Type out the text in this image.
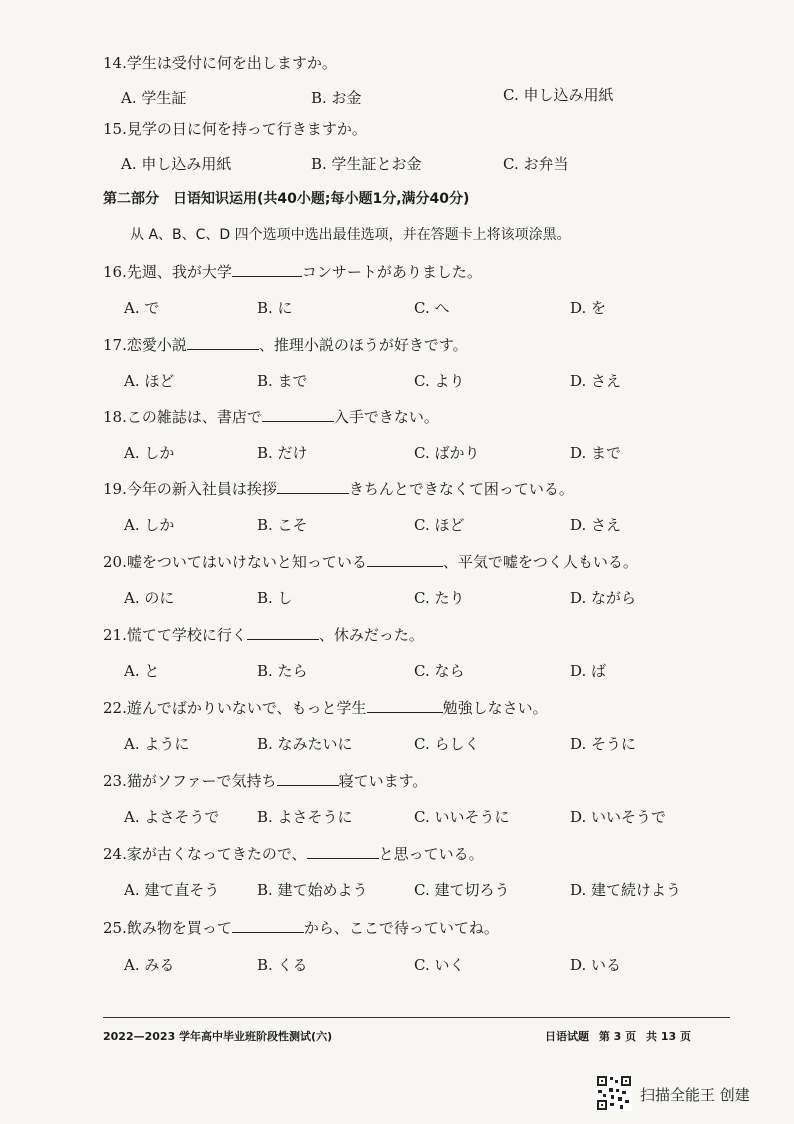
14.学生は受付に何を出しますか。
A. 学生証	B. お金	C. 申し込み用紙
15.見学の日に何を持って行きますか。
A. 申し込み用紙	B. 学生証とお金	C. お弁当
第二部分　日语知识运用(共40小题;每小题1分,满分40分)
从 A、B、C、D 四个选项中选出最佳选项，并在答题卡上将该项涂黑。
16.先週、我が大学	コンサートがありました。
A. で	B. に	C. へ	D. を
17.恋愛小説	、推理小説のほうが好きです。
A. ほど	B. まで	C. より	D. さえ
18.この雑誌は、書店で	入手できない。
A. しか	B. だけ	C. ばかり	D. まで
19.今年の新入社員は挨拶	きちんとできなくて困っている。
A. しか	B. こそ	C. ほど	D. さえ
20.嘘をついてはいけないと知っている	、平気で嘘をつく人もいる。
A. のに	B. し	C. たり	D. ながら
21.慌てて学校に行く	、休みだった。
A. と	B. たら	C. なら	D. ば
22.遊んでばかりいないで、もっと学生	勉強しなさい。
A. ように	B. なみたいに	C. らしく	D. そうに
23.猫がソファーで気持ち	寝ています。
A. よさそうで	B. よさそうに	C. いいそうに	D. いいそうで
24.家が古くなってきたので、	と思っている。
A. 建て直そう	B. 建て始めよう	C. 建て切ろう	D. 建て続けよう
25.飲み物を買って	から、ここで待っていてね。
A. みる	B. くる	C. いく	D. いる
2022—2023 学年高中毕业班阶段性测试(六)	日语试题 第 3 页 共 13 页
扫描全能王 创建
